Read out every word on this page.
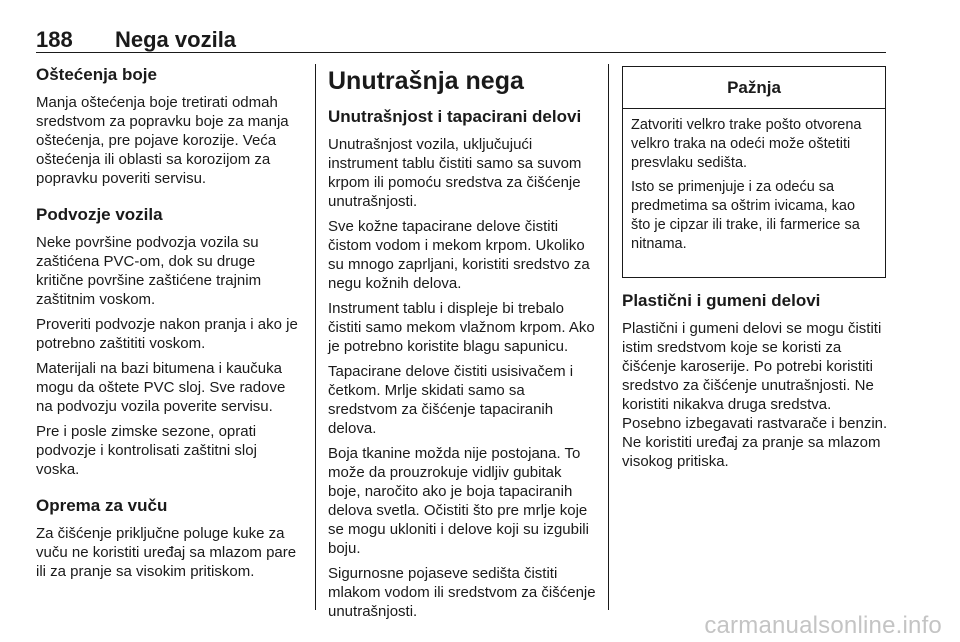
188 Nega vozila
Oštećenja boje

Manja oštećenja boje tretirati odmah sredstvom za popravku boje za manja oštećenja, pre pojave korozije. Veća oštećenja ili oblasti sa korozijom za popravku poveriti servisu.

Podvozje vozila

Neke površine podvozja vozila su zaštićena PVC-om, dok su druge kritične površine zaštićene trajnim zaštitnim voskom.

Proveriti podvozje nakon pranja i ako je potrebno zaštititi voskom.

Materijali na bazi bitumena i kaučuka mogu da oštete PVC sloj. Sve radove na podvozju vozila poverite servisu.

Pre i posle zimske sezone, oprati podvozje i kontrolisati zaštitni sloj voska.

Oprema za vuču

Za čišćenje priključne poluge kuke za vuču ne koristiti uređaj sa mlazom pare ili za pranje sa visokim pritiskom.

Unutrašnja nega
Unutrašnjost i tapacirani delovi

Unutrašnjost vozila, uključujući instrument tablu čistiti samo sa suvom krpom ili pomoću sredstva za čišćenje unutrašnjosti.

Sve kožne tapacirane delove čistiti čistom vodom i mekom krpom. Ukoliko su mnogo zaprljani, koristiti sredstvo za negu kožnih delova.

Instrument tablu i displeje bi trebalo čistiti samo mekom vlažnom krpom. Ako je potrebno koristite blagu sapunicu.

Tapacirane delove čistiti usisivačem i četkom. Mrlje skidati samo sa sredstvom za čišćenje tapaciranih delova.

Boja tkanine možda nije postojana. To može da prouzrokuje vidljiv gubitak boje, naročito ako je boja tapaciranih delova svetla. Očistiti što pre mrlje koje se mogu ukloniti i delove koji su izgubili boju.

Sigurnosne pojaseve sedišta čistiti mlakom vodom ili sredstvom za čišćenje unutrašnjosti.

Pažnja

Zatvoriti velkro trake pošto otvorena velkro traka na odeći može oštetiti presvlaku sedišta.

Isto se primenjuje i za odeću sa predmetima sa oštrim ivicama, kao što je cipzar ili trake, ili farmerice sa nitnama.

Plastični i gumeni delovi

Plastični i gumeni delovi se mogu čistiti istim sredstvom koje se koristi za čišćenje karoserije. Po potrebi koristiti sredstvo za čišćenje unutrašnjosti. Ne koristiti nikakva druga sredstva. Posebno izbegavati rastvarače i benzin. Ne koristiti uređaj za pranje sa mlazom visokog pritiska.

carmanualsonline.info
